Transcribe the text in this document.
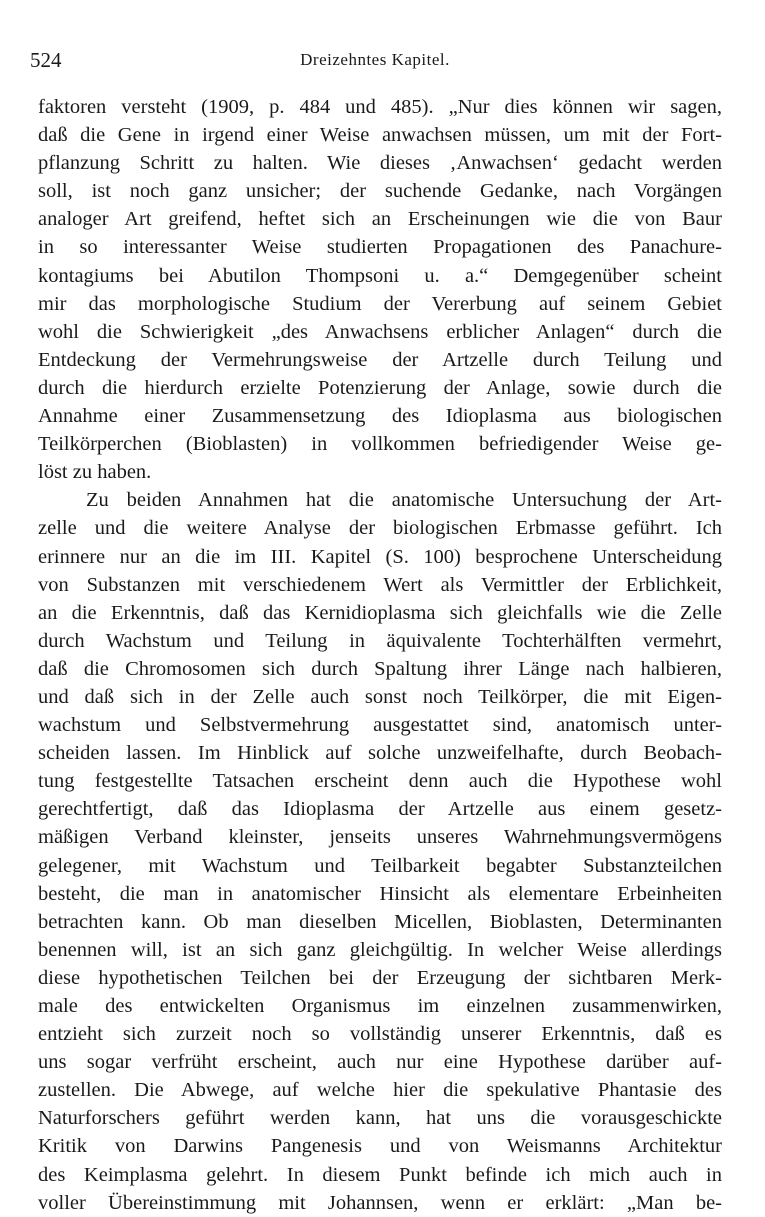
524	Dreizehntes Kapitel.
faktoren versteht (1909, p. 484 und 485). „Nur dies können wir sagen,
daß die Gene in irgend einer Weise anwachsen müssen, um mit der Fort-
pflanzung Schritt zu halten. Wie dieses ‚Anwachsen‘ gedacht werden
soll, ist noch ganz unsicher; der suchende Gedanke, nach Vorgängen
analoger Art greifend, heftet sich an Erscheinungen wie die von Baur
in so interessanter Weise studierten Propagationen des Panachure-
kontagiums bei Abutilon Thompsoni u. a.“ Demgegenüber scheint
mir das morphologische Studium der Vererbung auf seinem Gebiet
wohl die Schwierigkeit „des Anwachsens erblicher Anlagen“ durch die
Entdeckung der Vermehrungsweise der Artzelle durch Teilung und
durch die hierdurch erzielte Potenzierung der Anlage, sowie durch die
Annahme einer Zusammensetzung des Idioplasma aus biologischen
Teilkörperchen (Bioblasten) in vollkommen befriedigender Weise ge-
löst zu haben.
Zu beiden Annahmen hat die anatomische Untersuchung der Art-
zelle und die weitere Analyse der biologischen Erbmasse geführt. Ich
erinnere nur an die im III. Kapitel (S. 100) besprochene Unterscheidung
von Substanzen mit verschiedenem Wert als Vermittler der Erblichkeit,
an die Erkenntnis, daß das Kernidioplasma sich gleichfalls wie die Zelle
durch Wachstum und Teilung in äquivalente Tochterhälften vermehrt,
daß die Chromosomen sich durch Spaltung ihrer Länge nach halbieren,
und daß sich in der Zelle auch sonst noch Teilkörper, die mit Eigen-
wachstum und Selbstvermehrung ausgestattet sind, anatomisch unter-
scheiden lassen. Im Hinblick auf solche unzweifelhafte, durch Beobach-
tung festgestellte Tatsachen erscheint denn auch die Hypothese wohl
gerechtfertigt, daß das Idioplasma der Artzelle aus einem gesetz-
mäßigen Verband kleinster, jenseits unseres Wahrnehmungsvermögens
gelegener, mit Wachstum und Teilbarkeit begabter Substanzteilchen
besteht, die man in anatomischer Hinsicht als elementare Erbeinheiten
betrachten kann. Ob man dieselben Micellen, Bioblasten, Determinanten
benennen will, ist an sich ganz gleichgültig. In welcher Weise allerdings
diese hypothetischen Teilchen bei der Erzeugung der sichtbaren Merk-
male des entwickelten Organismus im einzelnen zusammenwirken,
entzieht sich zurzeit noch so vollständig unserer Erkenntnis, daß es
uns sogar verfrüht erscheint, auch nur eine Hypothese darüber auf-
zustellen. Die Abwege, auf welche hier die spekulative Phantasie des
Naturforschers geführt werden kann, hat uns die vorausgeschickte
Kritik von Darwins Pangenesis und von Weismanns Architektur
des Keimplasma gelehrt. In diesem Punkt befinde ich mich auch in
voller Übereinstimmung mit Johannsen, wenn er erklärt: „Man be-
